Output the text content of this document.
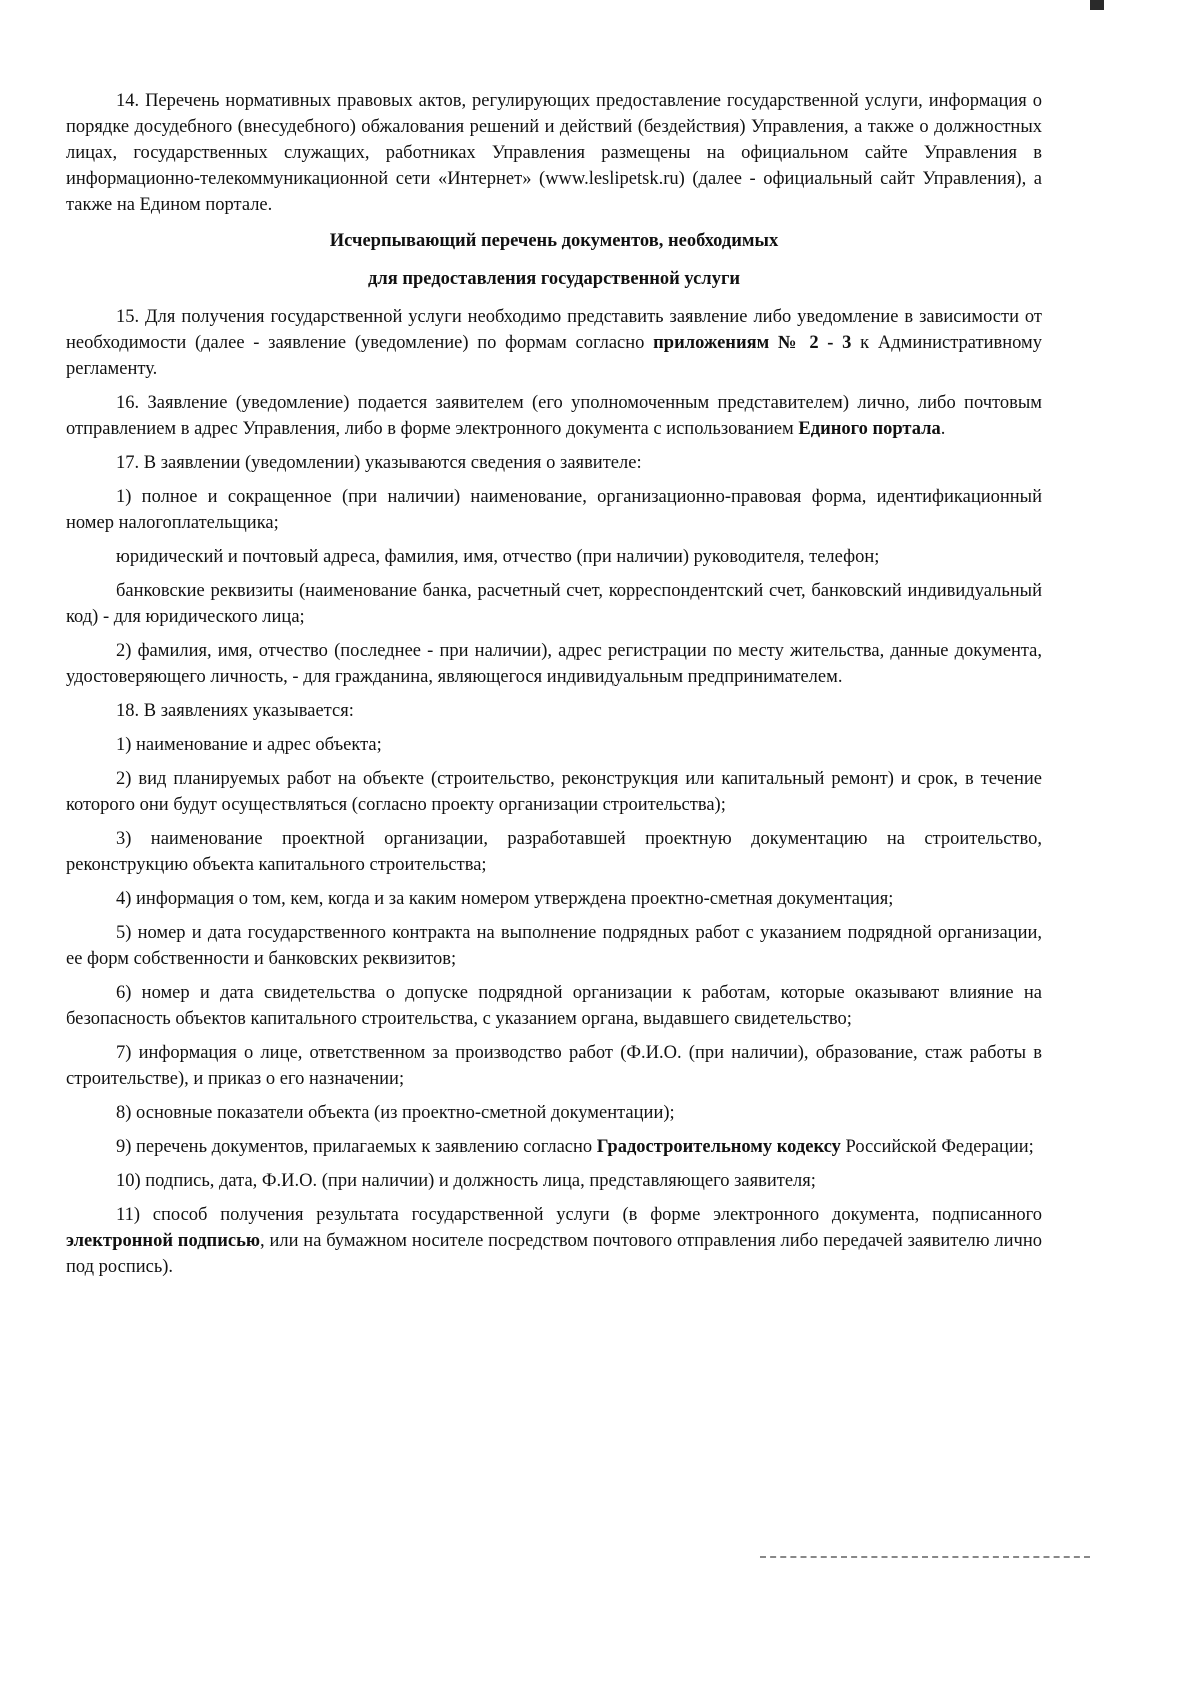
14. Перечень нормативных правовых актов, регулирующих предоставление государственной услуги, информация о порядке досудебного (внесудебного) обжалования решений и действий (бездействия) Управления, а также о должностных лицах, государственных служащих, работниках Управления размещены на официальном сайте Управления в информационно-телекоммуникационной сети «Интернет» (www.leslipetsk.ru) (далее - официальный сайт Управления), а также на Едином портале.

Исчерпывающий перечень документов, необходимых
для предоставления государственной услуги

15. Для получения государственной услуги необходимо представить заявление либо уведомление в зависимости от необходимости (далее - заявление (уведомление) по формам согласно приложениям № 2 - 3 к Административному регламенту.

16. Заявление (уведомление) подается заявителем (его уполномоченным представителем) лично, либо почтовым отправлением в адрес Управления, либо в форме электронного документа с использованием Единого портала.

17. В заявлении (уведомлении) указываются сведения о заявителе:

1) полное и сокращенное (при наличии) наименование, организационно-правовая форма, идентификационный номер налогоплательщика;

юридический и почтовый адреса, фамилия, имя, отчество (при наличии) руководителя, телефон;

банковские реквизиты (наименование банка, расчетный счет, корреспондентский счет, банковский индивидуальный код) - для юридического лица;

2) фамилия, имя, отчество (последнее - при наличии), адрес регистрации по месту жительства, данные документа, удостоверяющего личность, - для гражданина, являющегося индивидуальным предпринимателем.

18. В заявлениях указывается:

1) наименование и адрес объекта;

2) вид планируемых работ на объекте (строительство, реконструкция или капитальный ремонт) и срок, в течение которого они будут осуществляться (согласно проекту организации строительства);

3) наименование проектной организации, разработавшей проектную документацию на строительство, реконструкцию объекта капитального строительства;

4) информация о том, кем, когда и за каким номером утверждена проектно-сметная документация;

5) номер и дата государственного контракта на выполнение подрядных работ с указанием подрядной организации, ее форм собственности и банковских реквизитов;

6) номер и дата свидетельства о допуске подрядной организации к работам, которые оказывают влияние на безопасность объектов капитального строительства, с указанием органа, выдавшего свидетельство;

7) информация о лице, ответственном за производство работ (Ф.И.О. (при наличии), образование, стаж работы в строительстве), и приказ о его назначении;

8) основные показатели объекта (из проектно-сметной документации);

9) перечень документов, прилагаемых к заявлению согласно Градостроительному кодексу Российской Федерации;

10) подпись, дата, Ф.И.О. (при наличии) и должность лица, представляющего заявителя;

11) способ получения результата государственной услуги (в форме электронного документа, подписанного электронной подписью, или на бумажном носителе посредством почтового отправления либо передачей заявителю лично под роспись).
